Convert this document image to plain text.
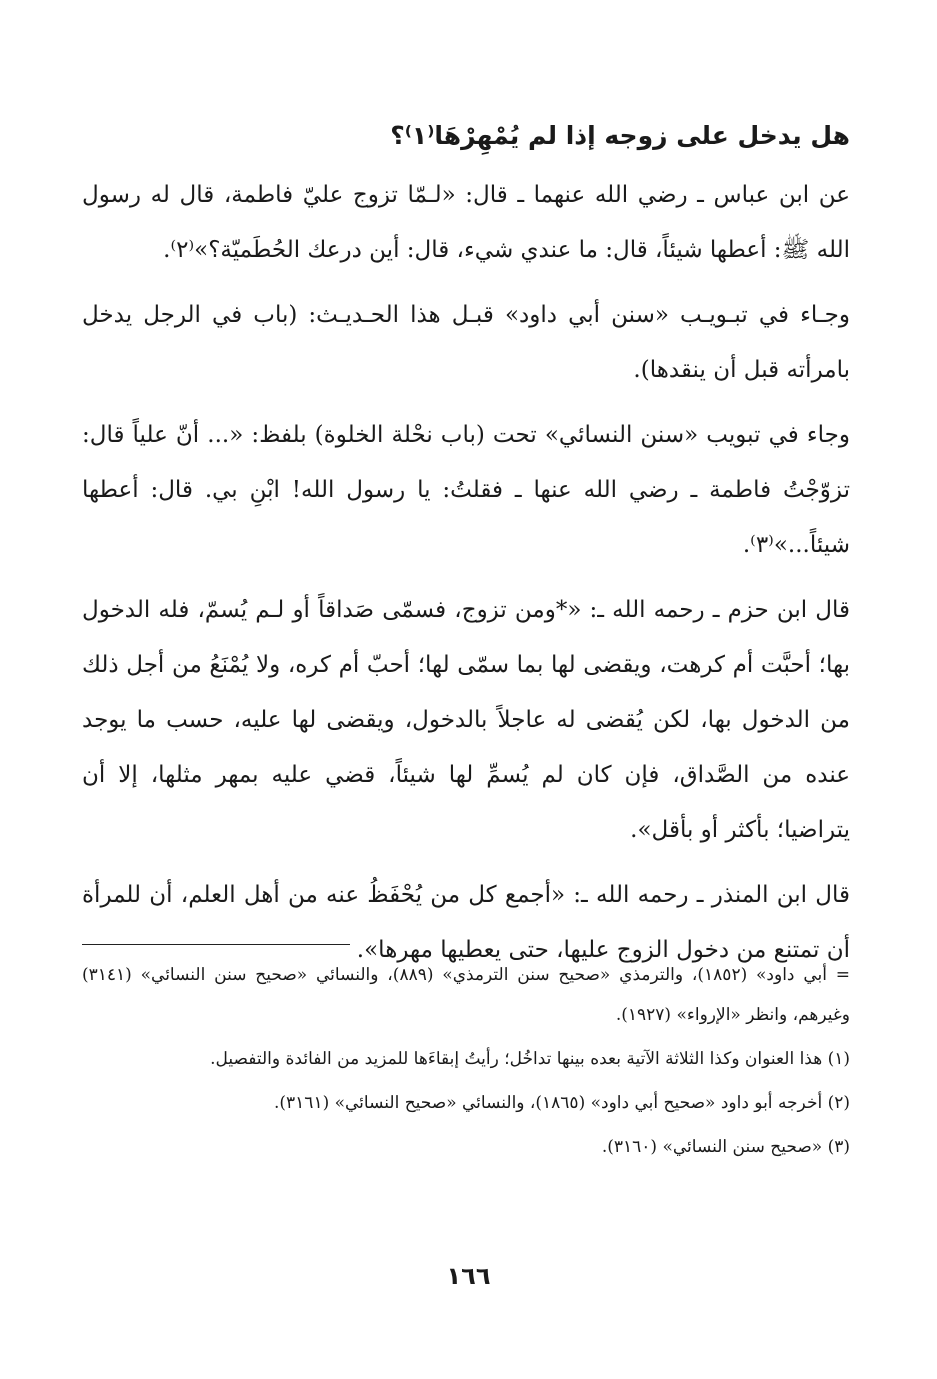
هل يدخل على زوجه إذا لم يُمْهِرْهَا⁽١⁾؟

عن ابن عباس ـ رضي الله عنهما ـ قال: «لـمّا تزوج عليّ فاطمة، قال له رسول الله ﷺ: أعطها شيئاً، قال: ما عندي شيء، قال: أين درعك الحُطَميّة؟»⁽٢⁾.

وجـاء في تبـويـب «سنن أبي داود» قبـل هذا الحـديـث: (باب في الرجل يدخل بامرأته قبل أن ينقدها).

وجاء في تبويب «سنن النسائي» تحت (باب نحْلة الخلوة) بلفظ: «... أنّ علياً قال: تزوّجْتُ فاطمة ـ رضي الله عنها ـ فقلتُ: يا رسول الله! ابْنِ بي. قال: أعطها شيئاً...»⁽٣⁾.

قال ابن حزم ـ رحمه الله ـ: «*ومن تزوج، فسمّى صَداقاً أو لـم يُسمّ، فله الدخول بها؛ أحبَّت أم كرهت، ويقضى لها بما سمّى لها؛ أحبّ أم كره، ولا يُمْنَعُ من أجل ذلك من الدخول بها، لكن يُقضى له عاجلاً بالدخول، ويقضى لها عليه، حسب ما يوجد عنده من الصَّداق، فإن كان لم يُسمِّ لها شيئاً، قضي عليه بمهر مثلها، إلا أن يتراضيا؛ بأكثر أو بأقل».

قال ابن المنذر ـ رحمه الله ـ: «أجمع كل من يُحْفَظُ عنه من أهل العلم، أن للمرأة أن تمتنع من دخول الزوج عليها، حتى يعطيها مهرها».

= أبي داود» (١٨٥٢)، والترمذي «صحيح سنن الترمذي» (٨٨٩)، والنسائي «صحيح سنن النسائي» (٣١٤١) وغيرهم، وانظر «الإرواء» (١٩٢٧).

(١) هذا العنوان وكذا الثلاثة الآتية بعده بينها تداخُل؛ رأيتُ إبقاءَها للمزيد من الفائدة والتفصيل.

(٢) أخرجه أبو داود «صحيح أبي داود» (١٨٦٥)، والنسائي «صحيح النسائي» (٣١٦١).

(٣) «صحيح سنن النسائي» (٣١٦٠).

١٦٦
